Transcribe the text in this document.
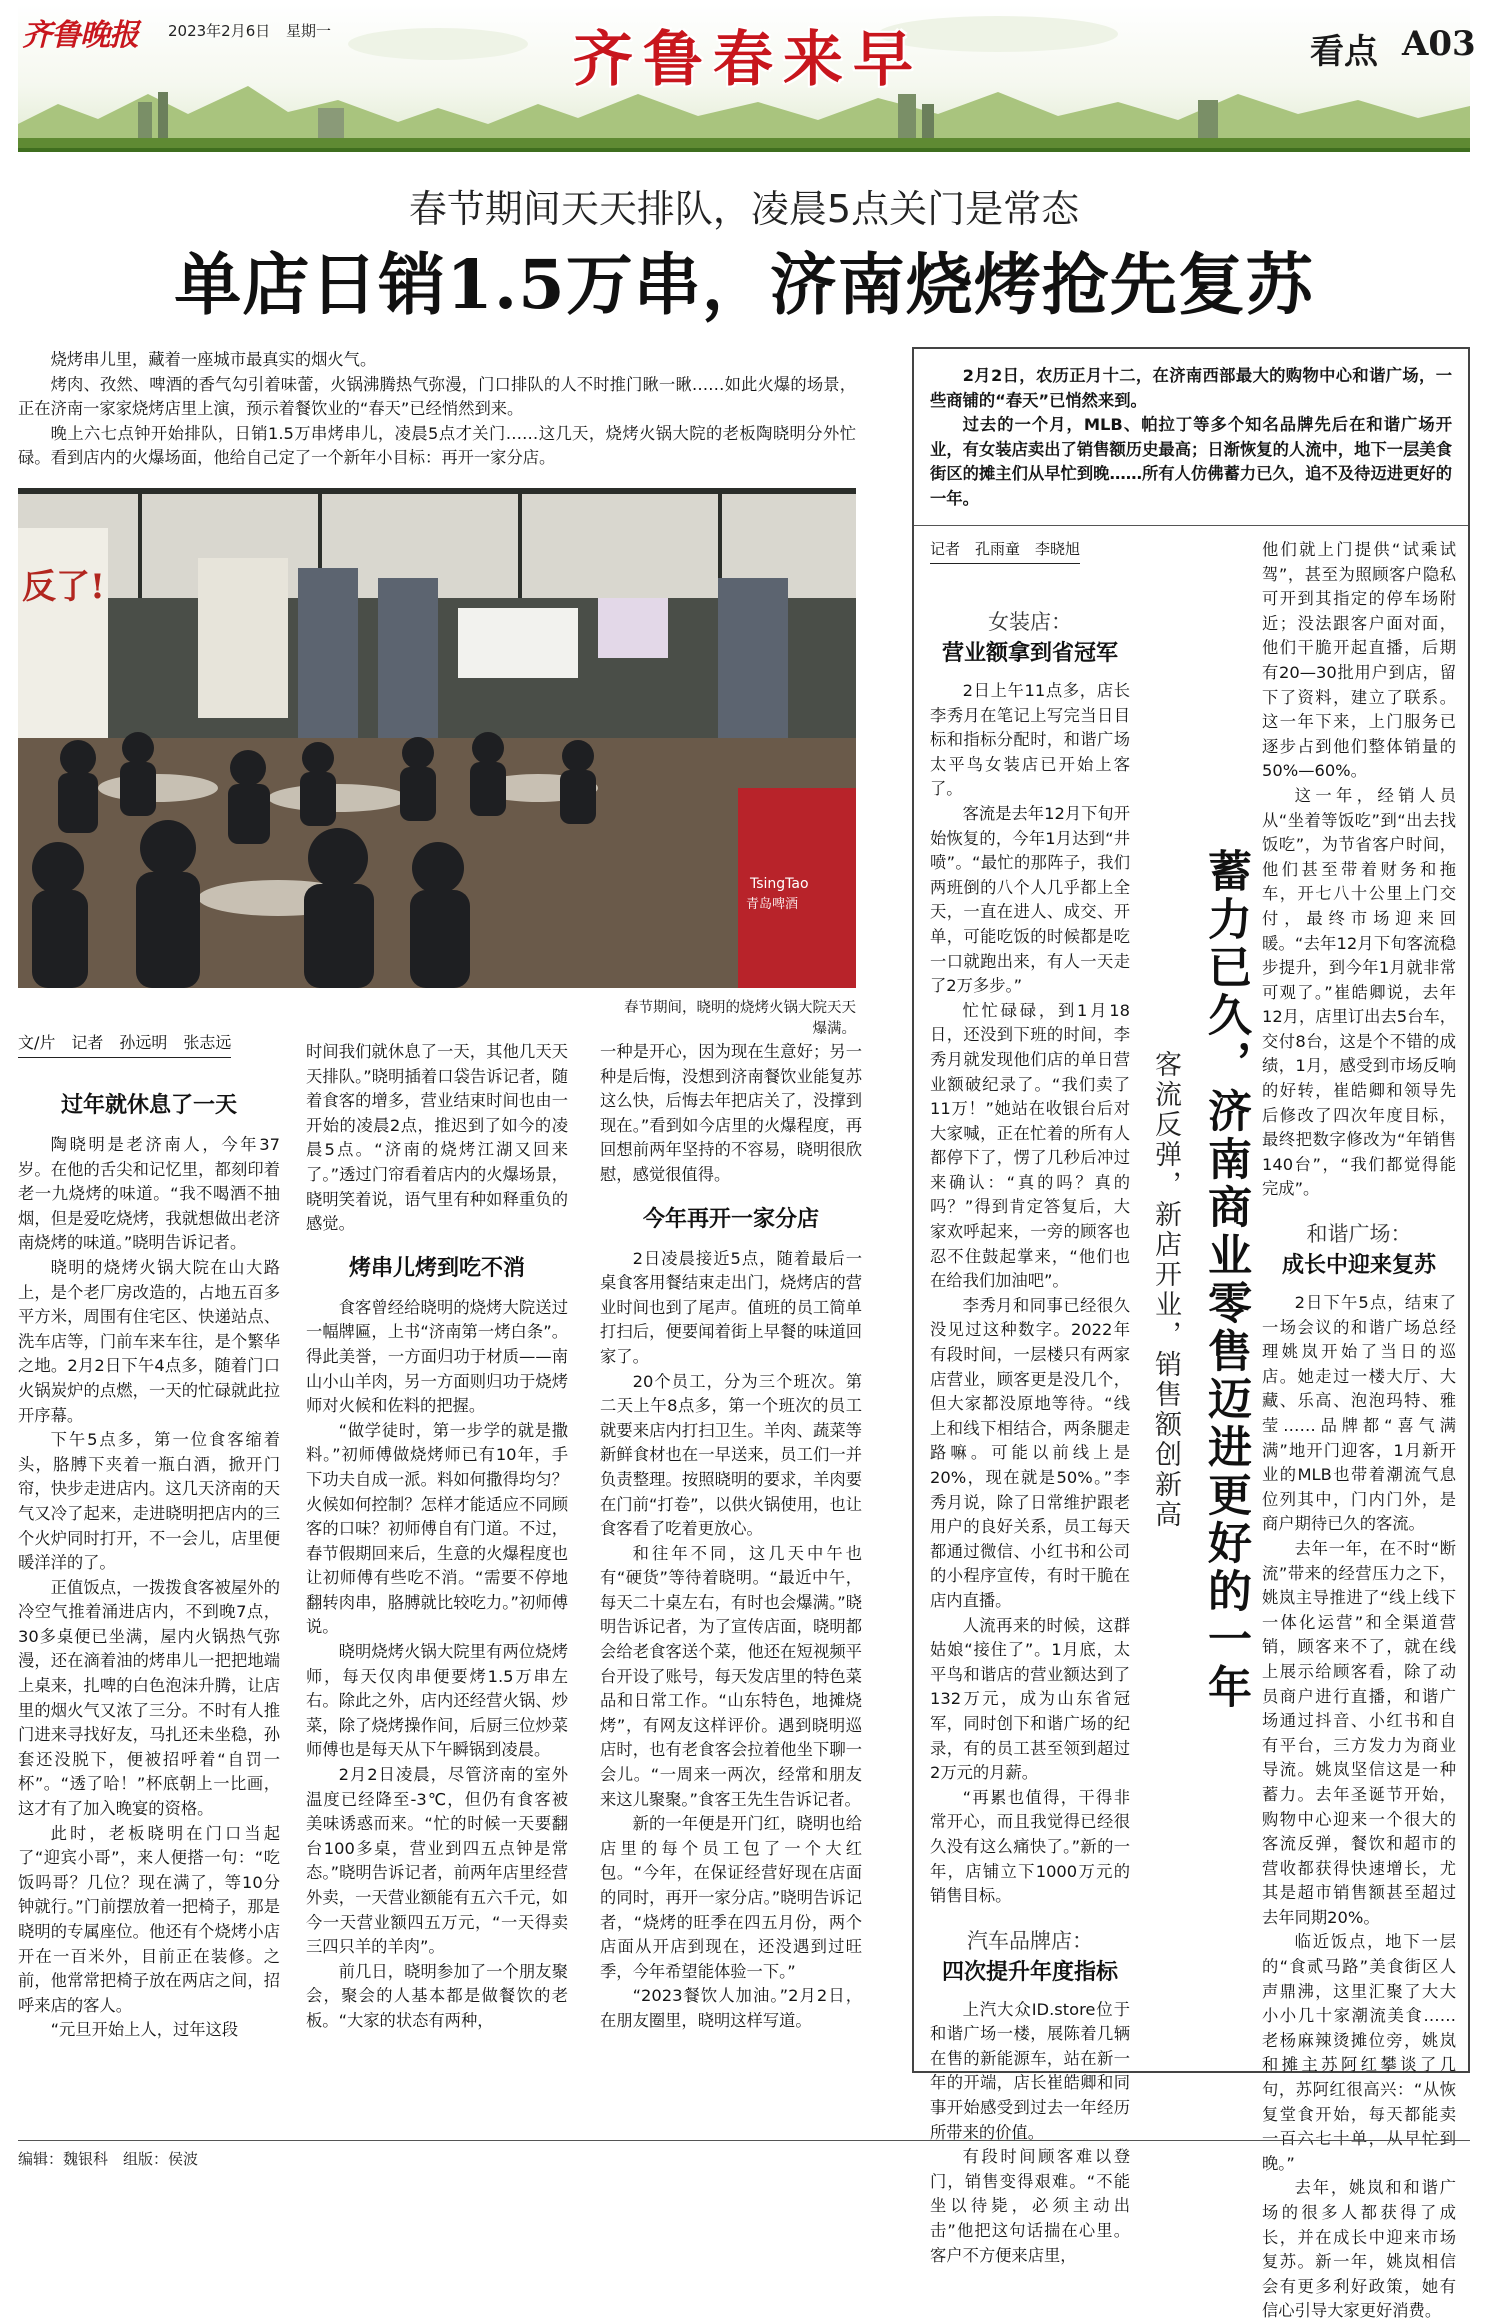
齐鲁晚报 2023年2月6日 星期一	齐鲁春来早	看点 A03
春节期间天天排队，凌晨5点关门是常态
单店日销1.5万串，济南烧烤抢先复苏

烧烤串儿里，藏着一座城市最真实的烟火气。

烤肉、孜然、啤酒的香气勾引着味蕾，火锅沸腾热气弥漫，门口排队的人不时推门瞅一瞅……如此火爆的场景，正在济南一家家烧烤店里上演，预示着餐饮业的“春天”已经悄然到来。

晚上六七点钟开始排队，日销1.5万串烤串儿，凌晨5点才关门……这几天，烧烤火锅大院的老板陶晓明分外忙碌。看到店内的火爆场面，他给自己定了一个新年小目标：再开一家分店。

反了!
TsingTao
青岛啤酒
春节期间，晓明的烧烤火锅大院天天爆满。
文/片　记者　孙远明　张志远
过年就休息了一天

陶晓明是老济南人，今年37岁。在他的舌尖和记忆里，都刻印着老一九烧烤的味道。“我不喝酒不抽烟，但是爱吃烧烤，我就想做出老济南烧烤的味道。”晓明告诉记者。

晓明的烧烤火锅大院在山大路上，是个老厂房改造的，占地五百多平方米，周围有住宅区、快递站点、洗车店等，门前车来车往，是个繁华之地。2月2日下午4点多，随着门口火锅炭炉的点燃，一天的忙碌就此拉开序幕。

下午5点多，第一位食客缩着头，胳膊下夹着一瓶白酒，掀开门帘，快步走进店内。这几天济南的天气又冷了起来，走进晓明把店内的三个火炉同时打开，不一会儿，店里便暖洋洋的了。

正值饭点，一拨拨食客被屋外的冷空气推着涌进店内，不到晚7点，30多桌便已坐满，屋内火锅热气弥漫，还在滴着油的烤串儿一把把地端上桌来，扎啤的白色泡沫升腾，让店里的烟火气又浓了三分。不时有人推门进来寻找好友，马扎还未坐稳，孙套还没脱下，便被招呼着“自罚一杯”。“透了哈！”杯底朝上一比画，这才有了加入晚宴的资格。

此时，老板晓明在门口当起了“迎宾小哥”，来人便搭一句：“吃饭吗哥？几位？现在满了，等10分钟就行。”门前摆放着一把椅子，那是晓明的专属座位。他还有个烧烤小店开在一百米外，目前正在装修。之前，他常常把椅子放在两店之间，招呼来店的客人。

“元旦开始上人，过年这段

时间我们就休息了一天，其他几天天天排队。”晓明插着口袋告诉记者，随着食客的增多，营业结束时间也由一开始的凌晨2点，推迟到了如今的凌晨5点。“济南的烧烤江湖又回来了。”透过门帘看着店内的火爆场景，晓明笑着说，语气里有种如释重负的感觉。

烤串儿烤到吃不消

食客曾经给晓明的烧烤大院送过一幅牌匾，上书“济南第一烤白条”。得此美誉，一方面归功于材质——南山小山羊肉，另一方面则归功于烧烤师对火候和佐料的把握。

“做学徒时，第一步学的就是撒料。”初师傅做烧烤师已有10年，手下功夫自成一派。料如何撒得均匀？火候如何控制？怎样才能适应不同顾客的口味？初师傅自有门道。不过，春节假期回来后，生意的火爆程度也让初师傅有些吃不消。“需要不停地翻转肉串，胳膊就比较吃力。”初师傅说。

晓明烧烤火锅大院里有两位烧烤师，每天仅肉串便要烤1.5万串左右。除此之外，店内还经营火锅、炒菜，除了烧烤操作间，后厨三位炒菜师傅也是每天从下午瞬锅到凌晨。

2月2日凌晨，尽管济南的室外温度已经降至-3℃，但仍有食客被美味诱惑而来。“忙的时候一天要翻台100多桌，营业到四五点钟是常态。”晓明告诉记者，前两年店里经营外卖，一天营业额能有五六千元，如今一天营业额四五万元，“一天得卖三四只羊的羊肉”。

前几日，晓明参加了一个朋友聚会，聚会的人基本都是做餐饮的老板。“大家的状态有两种，

一种是开心，因为现在生意好；另一种是后悔，没想到济南餐饮业能复苏这么快，后悔去年把店关了，没撑到现在。”看到如今店里的火爆程度，再回想前两年坚持的不容易，晓明很欣慰，感觉很值得。

今年再开一家分店

2日凌晨接近5点，随着最后一桌食客用餐结束走出门，烧烤店的营业时间也到了尾声。值班的员工简单打扫后，便要闻着街上早餐的味道回家了。

20个员工，分为三个班次。第二天上午8点多，第一个班次的员工就要来店内打扫卫生。羊肉、蔬菜等新鲜食材也在一早送来，员工们一并负责整理。按照晓明的要求，羊肉要在门前“打卷”，以供火锅使用，也让食客看了吃着更放心。

和往年不同，这几天中午也有“硬货”等待着晓明。“最近中午，每天二十桌左右，有时也会爆满。”晓明告诉记者，为了宣传店面，晓明都会给老食客送个菜，他还在短视频平台开设了账号，每天发店里的特色菜品和日常工作。“山东特色，地摊烧烤”，有网友这样评价。遇到晓明巡店时，也有老食客会拉着他坐下聊一会儿。“一周来一两次，经常和朋友来这儿聚聚。”食客王先生告诉记者。

新的一年便是开门红，晓明也给店里的每个员工包了一个大红包。“今年，在保证经营好现在店面的同时，再开一家分店。”晓明告诉记者，“烧烤的旺季在四五月份，两个店面从开店到现在，还没遇到过旺季，今年希望能体验一下。”

“2023餐饮人加油。”2月2日，在朋友圈里，晓明这样写道。

2月2日，农历正月十二，在济南西部最大的购物中心和谐广场，一些商铺的“春天”已悄然来到。

过去的一个月，MLB、帕拉丁等多个知名品牌先后在和谐广场开业，有女装店卖出了销售额历史最高；日渐恢复的人流中，地下一层美食街区的摊主们从早忙到晚……所有人仿佛蓄力已久，追不及待迈进更好的一年。

记者　孔雨童　李晓旭
女装店：
营业额拿到省冠军

2日上午11点多，店长李秀月在笔记上写完当日目标和指标分配时，和谐广场太平鸟女装店已开始上客了。

客流是去年12月下旬开始恢复的，今年1月达到“井喷”。“最忙的那阵子，我们两班倒的八个人几乎都上全天，一直在进人、成交、开单，可能吃饭的时候都是吃一口就跑出来，有人一天走了2万多步。”

忙忙碌碌，到1月18日，还没到下班的时间，李秀月就发现他们店的单日营业额破纪录了。“我们卖了11万！”她站在收银台后对大家喊，正在忙着的所有人都停下了，愣了几秒后冲过来确认：“真的吗？真的吗？”得到肯定答复后，大家欢呼起来，一旁的顾客也忍不住鼓起掌来，“他们也在给我们加油吧”。

李秀月和同事已经很久没见过这种数字。2022年有段时间，一层楼只有两家店营业，顾客更是没几个，但大家都没原地等待。“线上和线下相结合，两条腿走路嘛。可能以前线上是20%，现在就是50%。”李秀月说，除了日常维护跟老用户的良好关系，员工每天都通过微信、小红书和公司的小程序宣传，有时干脆在店内直播。

人流再来的时候，这群姑娘“接住了”。1月底，太平鸟和谐店的营业额达到了132万元，成为山东省冠军，同时创下和谐广场的纪录，有的员工甚至领到超过2万元的月薪。

“再累也值得，干得非常开心，而且我觉得已经很久没有这么痛快了。”新的一年，店铺立下1000万元的销售目标。

汽车品牌店：
四次提升年度指标

上汽大众ID.store位于和谐广场一楼，展陈着几辆在售的新能源车，站在新一年的开端，店长崔皓卿和同事开始感受到过去一年经历所带来的价值。

有段时间顾客难以登门，销售变得艰难。“不能坐以待毙，必须主动出击”他把这句话揣在心里。客户不方便来店里，

蓄力已久，济南商业零售迈进更好的一年
客流反弹，新店开业，销售额创新高

他们就上门提供“试乘试驾”，甚至为照顾客户隐私可开到其指定的停车场附近；没法跟客户面对面，他们干脆开起直播，后期有20—30批用户到店，留下了资料，建立了联系。这一年下来，上门服务已逐步占到他们整体销量的50%—60%。

这一年，经销人员从“坐着等饭吃”到“出去找饭吃”，为节省客户时间，他们甚至带着财务和拖车，开七八十公里上门交付，最终市场迎来回暖。“去年12月下旬客流稳步提升，到今年1月就非常可观了。”崔皓卿说，去年12月，店里订出去5台车，交付8台，这是个不错的成绩，1月，感受到市场反响的好转，崔皓卿和领导先后修改了四次年度目标，最终把数字修改为“年销售140台”，“我们都觉得能完成”。

和谐广场：
成长中迎来复苏

2日下午5点，结束了一场会议的和谐广场总经理姚岚开始了当日的巡店。她走过一楼大厅、大藏、乐高、泡泡玛特、雅莹……品牌都“喜气满满”地开门迎客，1月新开业的MLB也带着潮流气息位列其中，门内门外，是商户期待已久的客流。

去年一年，在不时“断流”带来的经营压力之下，姚岚主导推进了“线上线下一体化运营”和全渠道营销，顾客来不了，就在线上展示给顾客看，除了动员商户进行直播，和谐广场通过抖音、小红书和自有平台，三方发力为商业导流。姚岚坚信这是一种蓄力。去年圣诞节开始，购物中心迎来一个很大的客流反弹，餐饮和超市的营收都获得快速增长，尤其是超市销售额甚至超过去年同期20%。

临近饭点，地下一层的“食贰马路”美食街区人声鼎沸，这里汇聚了大大小小几十家潮流美食……老杨麻辣烫摊位旁，姚岚和摊主苏阿红攀谈了几句，苏阿红很高兴：“从恢复堂食开始，每天都能卖一百六七十单，从早忙到晚。”

去年，姚岚和和谐广场的很多人都获得了成长，并在成长中迎来市场复苏。新一年，姚岚相信会有更多利好政策，她有信心引导大家更好消费。

编辑：魏银科　组版：侯波
